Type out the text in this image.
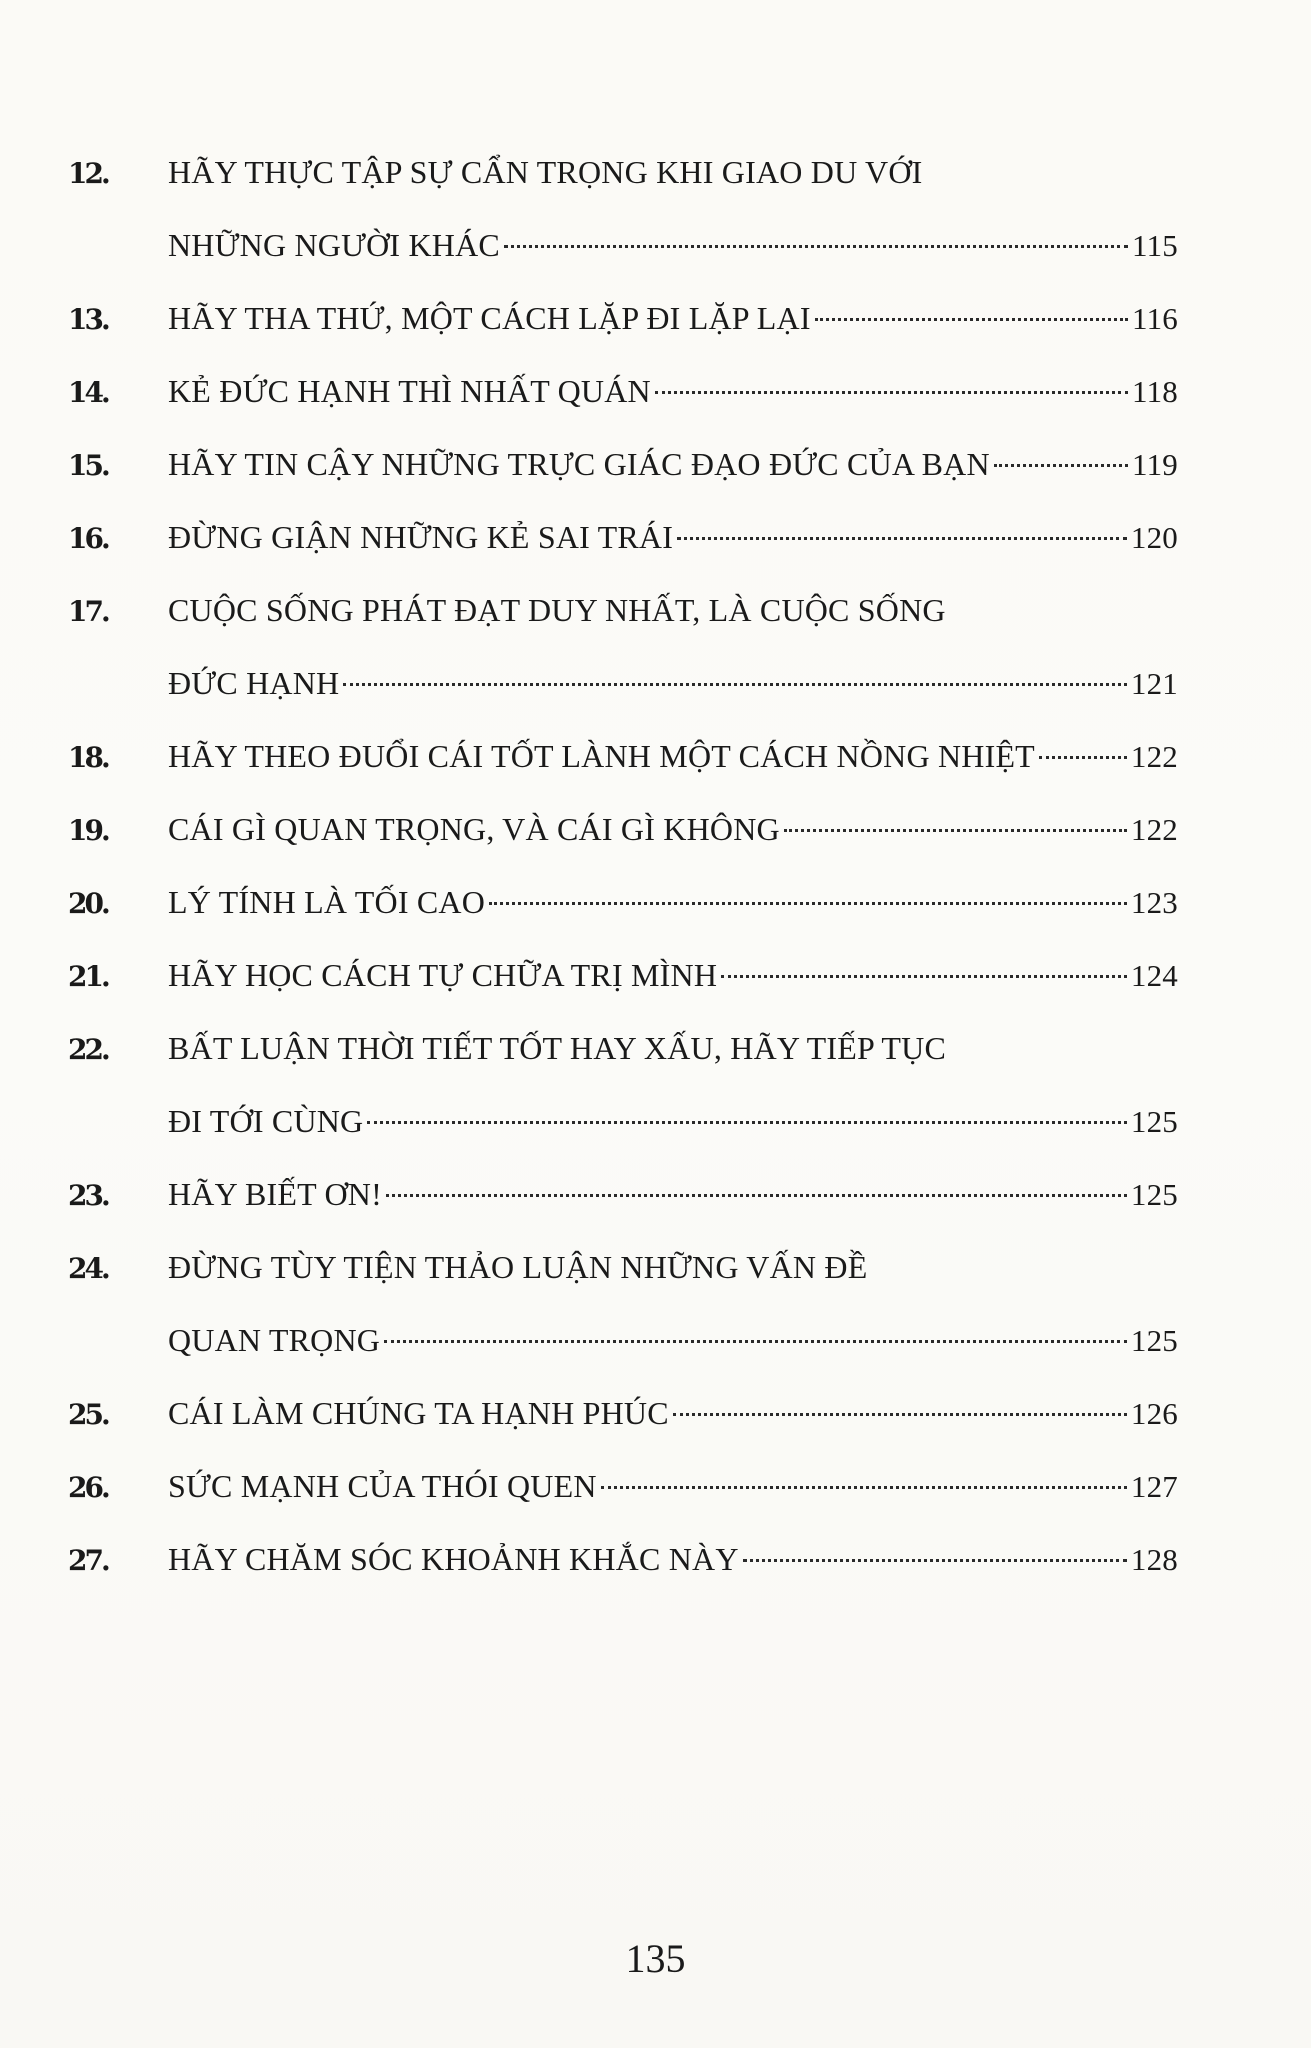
12.	HÃY THỰC TẬP SỰ CẨN TRỌNG KHI GIAO DU VỚI
NHỮNG NGƯỜI KHÁC	115
13.	HÃY THA THỨ, MỘT CÁCH LẶP ĐI LẶP LẠI	116
14.	KẺ ĐỨC HẠNH THÌ NHẤT QUÁN	118
15.	HÃY TIN CẬY NHỮNG TRỰC GIÁC ĐẠO ĐỨC CỦA BẠN	119
16.	ĐỪNG GIẬN NHỮNG KẺ SAI TRÁI	120
17.	CUỘC SỐNG PHÁT ĐẠT DUY NHẤT, LÀ CUỘC SỐNG
ĐỨC HẠNH	121
18.	HÃY THEO ĐUỔI CÁI TỐT LÀNH MỘT CÁCH NỒNG NHIỆT	122
19.	CÁI GÌ QUAN TRỌNG, VÀ CÁI GÌ KHÔNG	122
20.	LÝ TÍNH LÀ TỐI CAO	123
21.	HÃY HỌC CÁCH TỰ CHỮA TRỊ MÌNH	124
22.	BẤT LUẬN THỜI TIẾT TỐT HAY XẤU, HÃY TIẾP TỤC
ĐI TỚI CÙNG	125
23.	HÃY BIẾT ƠN!	125
24.	ĐỪNG TÙY TIỆN THẢO LUẬN NHỮNG VẤN ĐỀ
QUAN TRỌNG	125
25.	CÁI LÀM CHÚNG TA HẠNH PHÚC	126
26.	SỨC MẠNH CỦA THÓI QUEN	127
27.	HÃY CHĂM SÓC KHOẢNH KHẮC NÀY	128
135
